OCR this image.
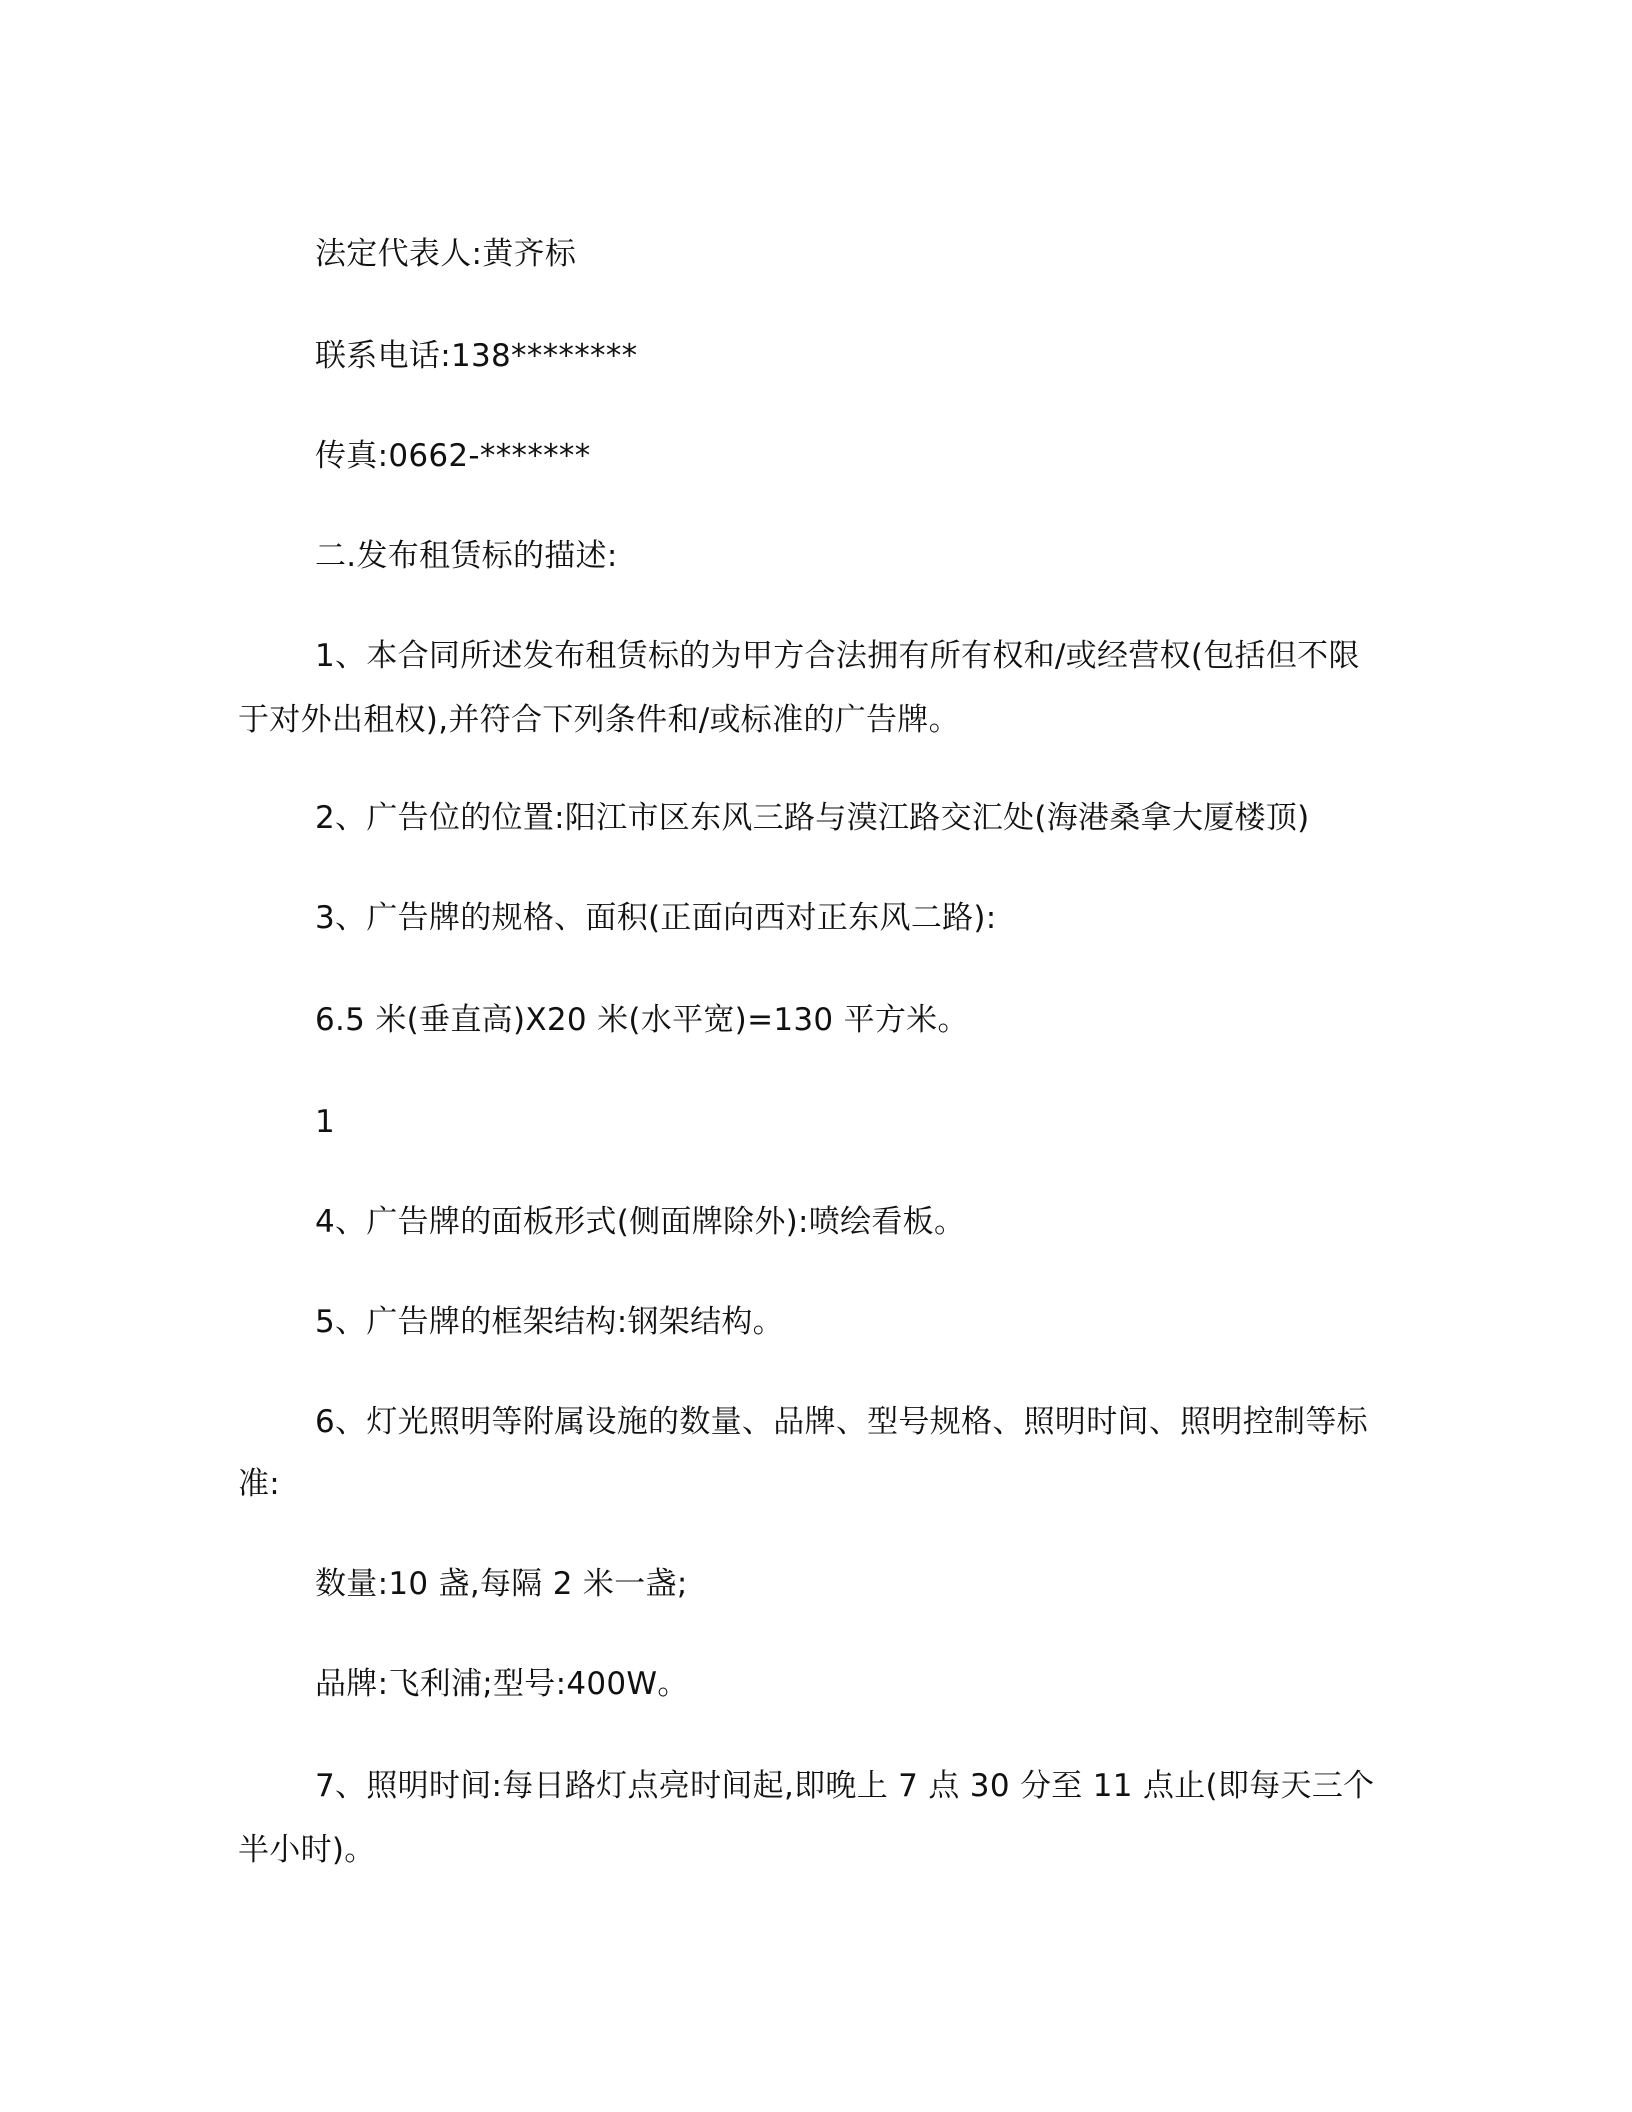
法定代表人:黄齐标
联系电话:138********
传真:0662-*******
二.发布租赁标的描述:
1、本合同所述发布租赁标的为甲方合法拥有所有权和/或经营权(包括但不限
于对外出租权),并符合下列条件和/或标准的广告牌。
2、广告位的位置:阳江市区东风三路与漠江路交汇处(海港桑拿大厦楼顶)
3、广告牌的规格、面积(正面向西对正东风二路):
6.5 米(垂直高)X20 米(水平宽)=130 平方米。
1
4、广告牌的面板形式(侧面牌除外):喷绘看板。
5、广告牌的框架结构:钢架结构。
6、灯光照明等附属设施的数量、品牌、型号规格、照明时间、照明控制等标
准:
数量:10 盏,每隔 2 米一盏;
品牌:飞利浦;型号:400W。
7、照明时间:每日路灯点亮时间起,即晚上 7 点 30 分至 11 点止(即每天三个
半小时)。
